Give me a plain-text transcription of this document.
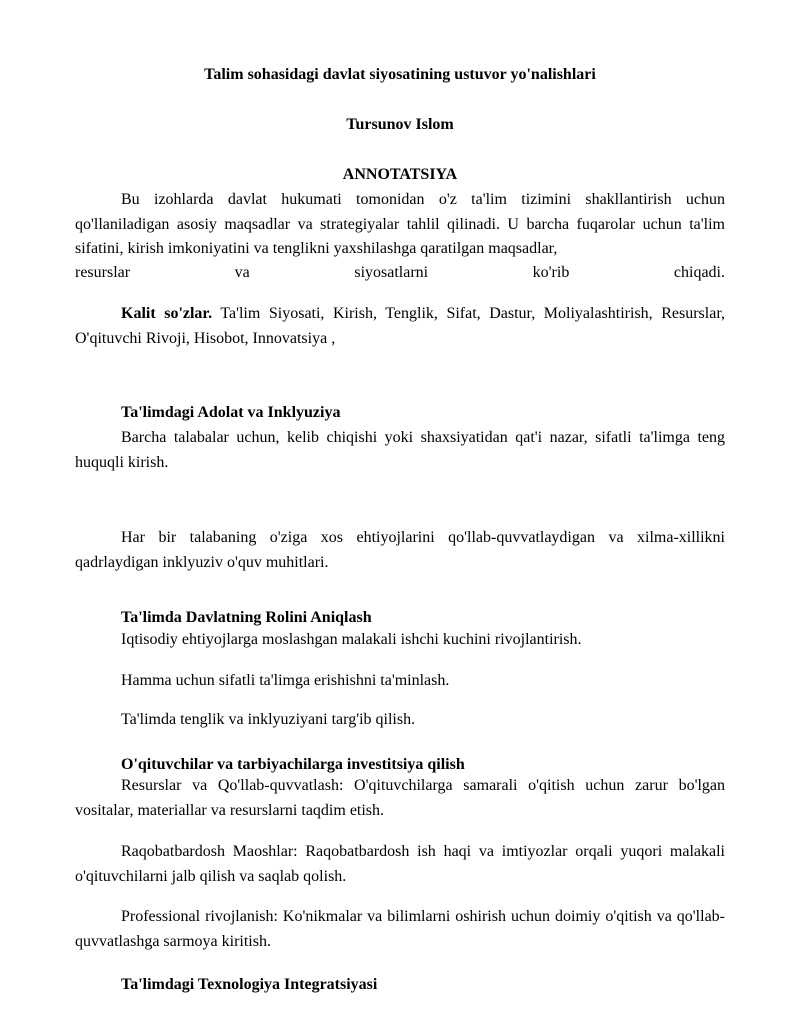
Talim sohasidagi davlat siyosatining ustuvor yo'nalishlari
Tursunov Islom
ANNOTATSIYA
Bu izohlarda davlat hukumati tomonidan o'z ta'lim tizimini shakllantirish uchun qo'llaniladigan asosiy maqsadlar va strategiyalar tahlil qilinadi. U barcha fuqarolar uchun ta'lim sifatini, kirish imkoniyatini va tenglikni yaxshilashga qaratilgan maqsadlar,
resurslar va siyosatlarni ko'rib chiqadi.
Kalit so'zlar. Ta'lim Siyosati, Kirish, Tenglik, Sifat, Dastur, Moliyalashtirish, Resurslar, O'qituvchi Rivoji, Hisobot, Innovatsiya ,
Ta'limdagi Adolat va Inklyuziya
Barcha talabalar uchun, kelib chiqishi yoki shaxsiyatidan qat'i nazar, sifatli ta'limga teng huquqli kirish.
Har bir talabaning o'ziga xos ehtiyojlarini qo'llab-quvvatlaydigan va xilma-xillikni qadrlaydigan inklyuziv o'quv muhitlari.
Ta'limda Davlatning Rolini Aniqlash
Iqtisodiy ehtiyojlarga moslashgan malakali ishchi kuchini rivojlantirish.
Hamma uchun sifatli ta'limga erishishni ta'minlash.
Ta'limda tenglik va inklyuziyani targ'ib qilish.
O'qituvchilar va tarbiyachilarga investitsiya qilish
Resurslar va Qo'llab-quvvatlash: O'qituvchilarga samarali o'qitish uchun zarur bo'lgan vositalar, materiallar va resurslarni taqdim etish.
Raqobatbardosh Maoshlar: Raqobatbardosh ish haqi va imtiyozlar orqali yuqori malakali o'qituvchilarni jalb qilish va saqlab qolish.
Professional rivojlanish: Ko'nikmalar va bilimlarni oshirish uchun doimiy o'qitish va qo'llab-quvvatlashga sarmoya kiritish.
Ta'limdagi Texnologiya Integratsiyasi
